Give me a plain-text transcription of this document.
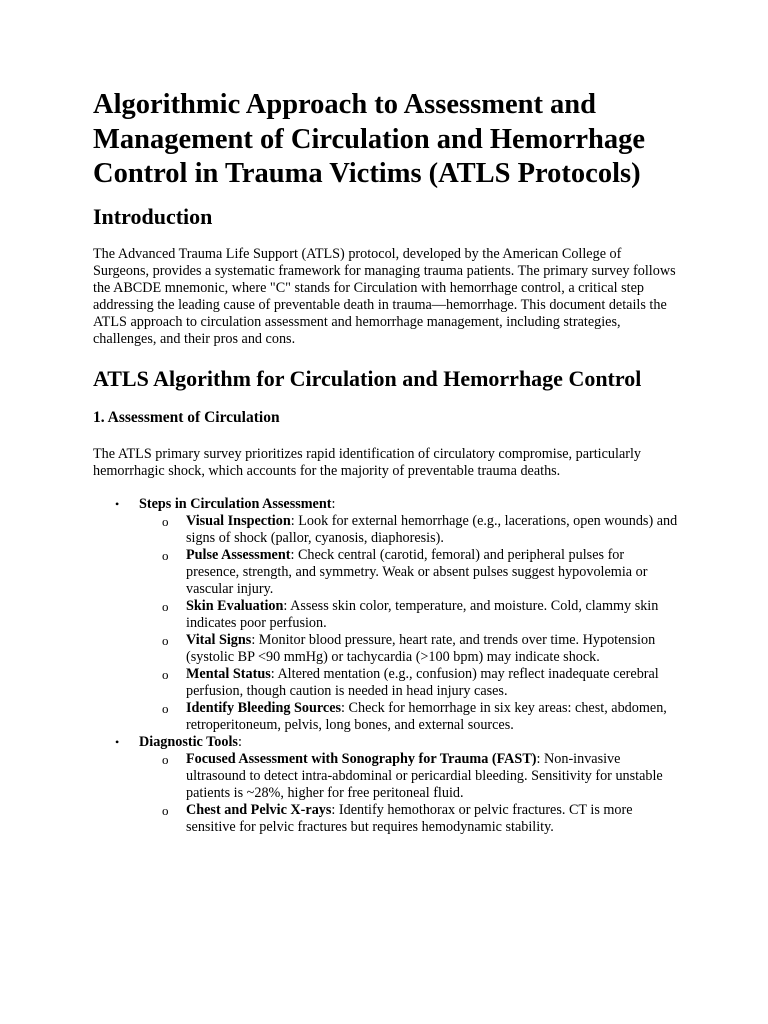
Algorithmic Approach to Assessment and Management of Circulation and Hemorrhage Control in Trauma Victims (ATLS Protocols)
Introduction

The Advanced Trauma Life Support (ATLS) protocol, developed by the American College of Surgeons, provides a systematic framework for managing trauma patients. The primary survey follows the ABCDE mnemonic, where "C" stands for Circulation with hemorrhage control, a critical step addressing the leading cause of preventable death in trauma—hemorrhage. This document details the ATLS approach to circulation assessment and hemorrhage management, including strategies, challenges, and their pros and cons.

ATLS Algorithm for Circulation and Hemorrhage Control
1. Assessment of Circulation

The ATLS primary survey prioritizes rapid identification of circulatory compromise, particularly hemorrhagic shock, which accounts for the majority of preventable trauma deaths.

• Steps in Circulation Assessment:
o Visual Inspection: Look for external hemorrhage (e.g., lacerations, open wounds) and signs of shock (pallor, cyanosis, diaphoresis).
o Pulse Assessment: Check central (carotid, femoral) and peripheral pulses for presence, strength, and symmetry. Weak or absent pulses suggest hypovolemia or vascular injury.
o Skin Evaluation: Assess skin color, temperature, and moisture. Cold, clammy skin indicates poor perfusion.
o Vital Signs: Monitor blood pressure, heart rate, and trends over time. Hypotension (systolic BP <90 mmHg) or tachycardia (>100 bpm) may indicate shock.
o Mental Status: Altered mentation (e.g., confusion) may reflect inadequate cerebral perfusion, though caution is needed in head injury cases.
o Identify Bleeding Sources: Check for hemorrhage in six key areas: chest, abdomen, retroperitoneum, pelvis, long bones, and external sources.
• Diagnostic Tools:
o Focused Assessment with Sonography for Trauma (FAST): Non-invasive ultrasound to detect intra-abdominal or pericardial bleeding. Sensitivity for unstable patients is ~28%, higher for free peritoneal fluid.
o Chest and Pelvic X-rays: Identify hemothorax or pelvic fractures. CT is more sensitive for pelvic fractures but requires hemodynamic stability.
